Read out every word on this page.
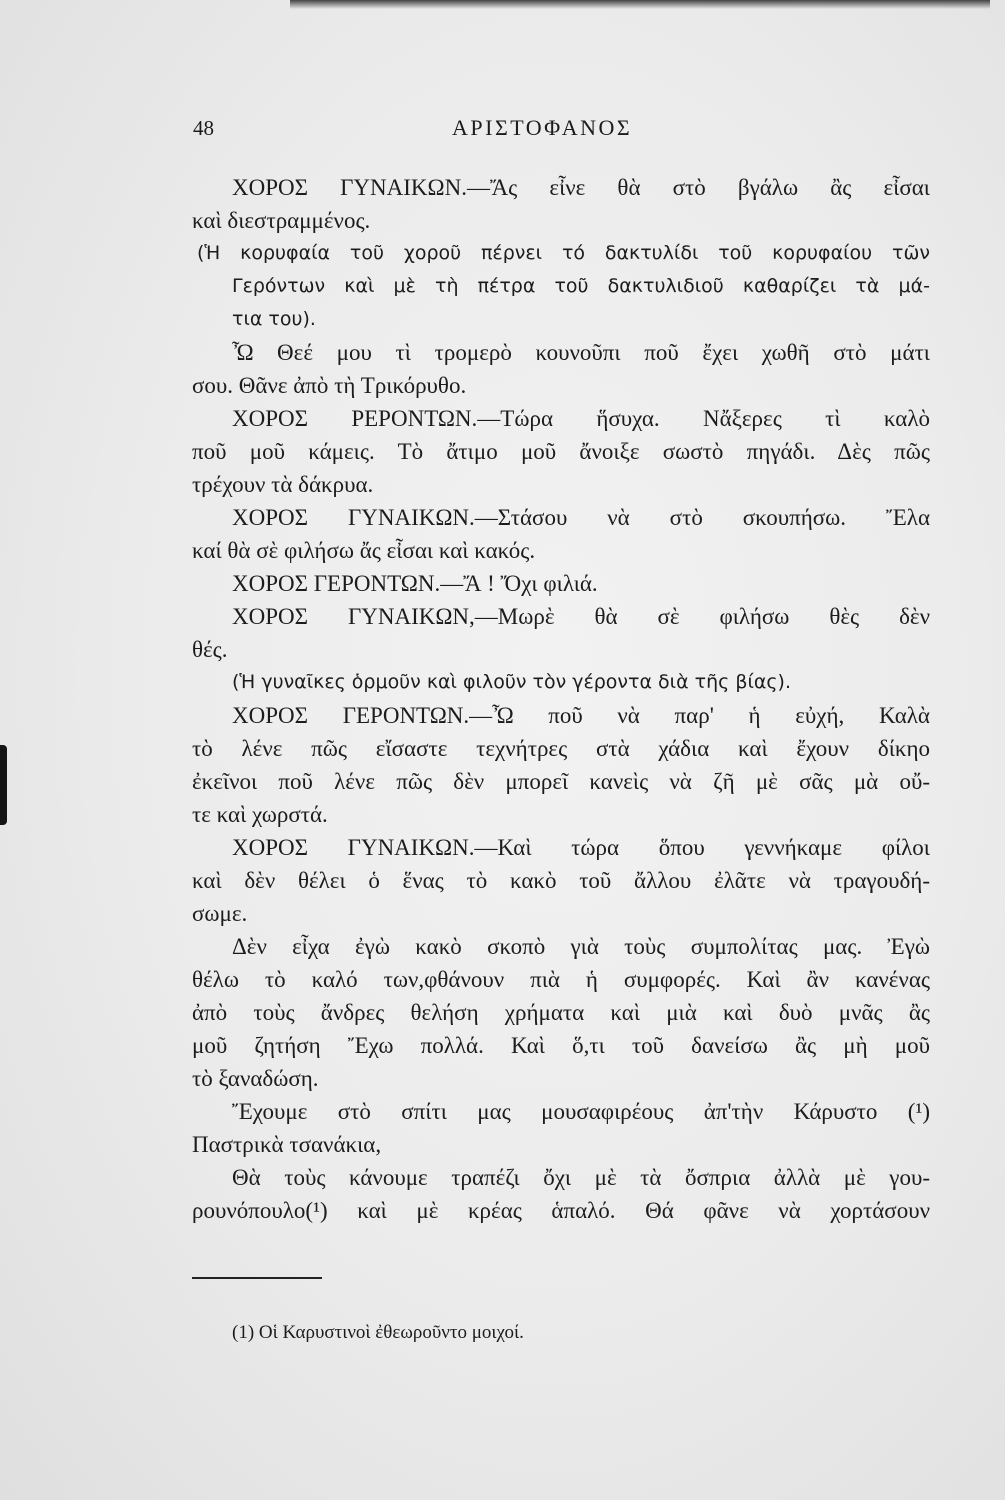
48	ΑΡΙΣΤΟΦΑΝΟΣ
ΧΟΡΟΣ ΓΥΝΑΙΚΩΝ.—Ἄς εἶνε θὰ στὸ βγάλω ἂς εἶσαι
καὶ διεστραμμένος.
(Ἡ κορυφαία τοῦ χοροῦ πέρνει τό δακτυλίδι τοῦ κορυφαίου τῶν
Γερόντων καὶ μὲ τὴ πέτρα τοῦ δακτυλιδιοῦ καθαρίζει τὰ μά-
τια του).
Ὦ Θεέ μου τὶ τρομερὸ κουνοῦπι ποῦ ἔχει χωθῆ στὸ μάτι
σου. Θᾶνε ἀπὸ τὴ Τρικόρυθο.
ΧΟΡΟΣ ΡΕΡΟΝΤΩΝ.—Τώρα ἥσυχα. Νἄξερες τὶ καλὸ
ποῦ μοῦ κάμεις. Τὸ ἄτιμο μοῦ ἄνοιξε σωστὸ πηγάδι. Δὲς πῶς
τρέχουν τὰ δάκρυα.
ΧΟΡΟΣ ΓΥΝΑΙΚΩΝ.—Στάσου νὰ στὸ σκουπήσω. Ἔλα
καί θὰ σὲ φιλήσω ἄς εἶσαι καὶ κακός.
ΧΟΡΟΣ ΓΕΡΟΝΤΩΝ.—Ἄ ! Ὄχι φιλιά.
ΧΟΡΟΣ ΓΥΝΑΙΚΩΝ,—Μωρὲ θὰ σὲ φιλήσω θὲς δὲν
θές.
(Ἡ γυναῖκες ὁρμοῦν καὶ φιλοῦν τὸν γέροντα διὰ τῆς βίας).
ΧΟΡΟΣ ΓΕΡΟΝΤΩΝ.—Ὦ ποῦ νὰ παρ' ἡ εὐχή, Καλὰ
τὸ λένε πῶς εἴσαστε τεχνήτρες στὰ χάδια καὶ ἔχουν δίκηο
ἐκεῖνοι ποῦ λένε πῶς δὲν μπορεῖ κανεὶς νὰ ζῆ μὲ σᾶς μὰ οὔ-
τε καὶ χωρστά.
ΧΟΡΟΣ ΓΥΝΑΙΚΩΝ.—Καὶ τώρα ὅπου γεννήκαμε φίλοι
καὶ δὲν θέλει ὁ ἕνας τὸ κακὸ τοῦ ἄλλου ἐλᾶτε νὰ τραγουδή-
σωμε.
Δὲν εἶχα ἐγὼ κακὸ σκοπὸ γιὰ τοὺς συμπολίτας μας. Ἐγὼ
θέλω τὸ καλό των,φθάνουν πιὰ ἡ συμφορές. Καὶ ἂν κανένας
ἀπὸ τοὺς ἄνδρες θελήση χρήματα καὶ μιὰ καὶ δυὸ μνᾶς ἂς
μοῦ ζητήση Ἔχω πολλά. Καὶ ὅ,τι τοῦ δανείσω ἂς μὴ μοῦ
τὸ ξαναδώση.
Ἔχουμε στὸ σπίτι μας μουσαφιρέους ἀπ'τὴν Κάρυστο (¹)
Παστρικὰ τσανάκια,
Θὰ τοὺς κάνουμε τραπέζι ὄχι μὲ τὰ ὄσπρια ἀλλὰ μὲ γου-
ρουνόπουλο(¹) καὶ μὲ κρέας ἁπαλό. Θά φᾶνε νὰ χορτάσουν
(1) Οἱ Καρυστινοὶ ἐθεωροῦντο μοιχοί.
